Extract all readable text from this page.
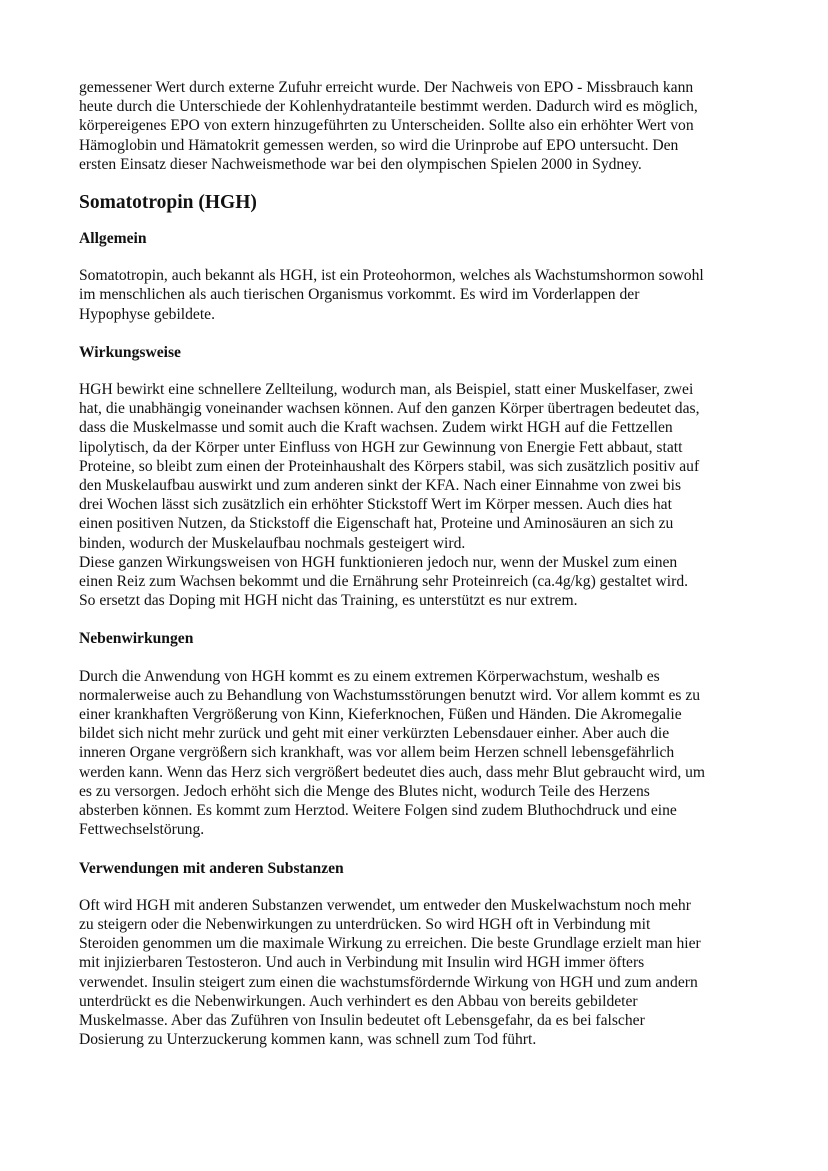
gemessener Wert durch externe Zufuhr erreicht wurde. Der Nachweis von EPO - Missbrauch kann
heute durch die Unterschiede der Kohlenhydratanteile bestimmt werden. Dadurch wird es möglich,
körpereigenes EPO von extern hinzugeführten zu Unterscheiden. Sollte also ein erhöhter Wert von
Hämoglobin und Hämatokrit gemessen werden, so wird die Urinprobe auf EPO untersucht. Den
ersten Einsatz dieser Nachweismethode war bei den olympischen Spielen 2000 in Sydney.

Somatotropin (HGH)
Allgemein

Somatotropin, auch bekannt als HGH, ist ein Proteohormon, welches als Wachstumshormon sowohl
im menschlichen als auch tierischen Organismus vorkommt. Es wird im Vorderlappen der
Hypophyse gebildete.

Wirkungsweise

HGH bewirkt eine schnellere Zellteilung, wodurch man, als Beispiel, statt einer Muskelfaser, zwei
hat, die unabhängig voneinander wachsen können. Auf den ganzen Körper übertragen bedeutet das,
dass die Muskelmasse und somit auch die Kraft wachsen. Zudem wirkt HGH auf die Fettzellen
lipolytisch, da der Körper unter Einfluss von HGH zur Gewinnung von Energie Fett abbaut, statt
Proteine, so bleibt zum einen der Proteinhaushalt des Körpers stabil, was sich zusätzlich positiv auf
den Muskelaufbau auswirkt und zum anderen sinkt der KFA. Nach einer Einnahme von zwei bis
drei Wochen lässt sich zusätzlich ein erhöhter Stickstoff Wert im Körper messen. Auch dies hat
einen positiven Nutzen, da Stickstoff die Eigenschaft hat, Proteine und Aminosäuren an sich zu
binden, wodurch der Muskelaufbau nochmals gesteigert wird.
Diese ganzen Wirkungsweisen von HGH funktionieren jedoch nur, wenn der Muskel zum einen
einen Reiz zum Wachsen bekommt und die Ernährung sehr Proteinreich (ca.4g/kg) gestaltet wird.
So ersetzt das Doping mit HGH nicht das Training, es unterstützt es nur extrem.

Nebenwirkungen

Durch die Anwendung von HGH kommt es zu einem extremen Körperwachstum, weshalb es
normalerweise auch zu Behandlung von Wachstumsstörungen benutzt wird. Vor allem kommt es zu
einer krankhaften Vergrößerung von Kinn, Kieferknochen, Füßen und Händen. Die Akromegalie
bildet sich nicht mehr zurück und geht mit einer verkürzten Lebensdauer einher. Aber auch die
inneren Organe vergrößern sich krankhaft, was vor allem beim Herzen schnell lebensgefährlich
werden kann. Wenn das Herz sich vergrößert bedeutet dies auch, dass mehr Blut gebraucht wird, um
es zu versorgen. Jedoch erhöht sich die Menge des Blutes nicht, wodurch Teile des Herzens
absterben können. Es kommt zum Herztod. Weitere Folgen sind zudem Bluthochdruck und eine
Fettwechselstörung.

Verwendungen mit anderen Substanzen

Oft wird HGH mit anderen Substanzen verwendet, um entweder den Muskelwachstum noch mehr
zu steigern oder die Nebenwirkungen zu unterdrücken. So wird HGH oft in Verbindung mit
Steroiden genommen um die maximale Wirkung zu erreichen. Die beste Grundlage erzielt man hier
mit injizierbaren Testosteron. Und auch in Verbindung mit Insulin wird HGH immer öfters
verwendet. Insulin steigert zum einen die wachstumsfördernde Wirkung von HGH und zum andern
unterdrückt es die Nebenwirkungen. Auch verhindert es den Abbau von bereits gebildeter
Muskelmasse. Aber das Zuführen von Insulin bedeutet oft Lebensgefahr, da es bei falscher
Dosierung zu Unterzuckerung kommen kann, was schnell zum Tod führt.
